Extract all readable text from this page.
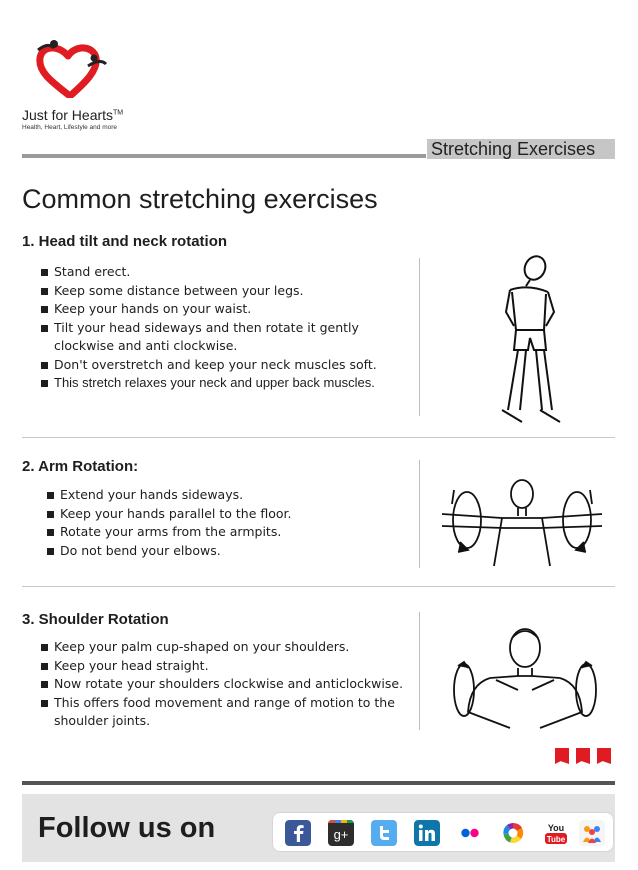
Just for Hearts™
Health, Heart, Lifestyle and more
Stretching Exercises
Common stretching exercises
1. Head tilt and neck rotation
Stand erect.
Keep some distance between your legs.
Keep your hands on your waist.
Tilt your head sideways and then rotate it gently clockwise and anti clockwise.
Don't overstretch and keep your neck muscles soft.
This stretch relaxes your neck and upper back muscles.
2. Arm Rotation:
Extend your hands sideways.
Keep your hands parallel to the floor.
Rotate your arms from the armpits.
Do not bend your elbows.
3. Shoulder Rotation
Keep your palm cup-shaped on your shoulders.
Keep your head straight.
Now rotate your shoulders clockwise and anticlockwise.
This offers food movement and range of motion to the shoulder joints.
Follow us on	g+	You
Tube
